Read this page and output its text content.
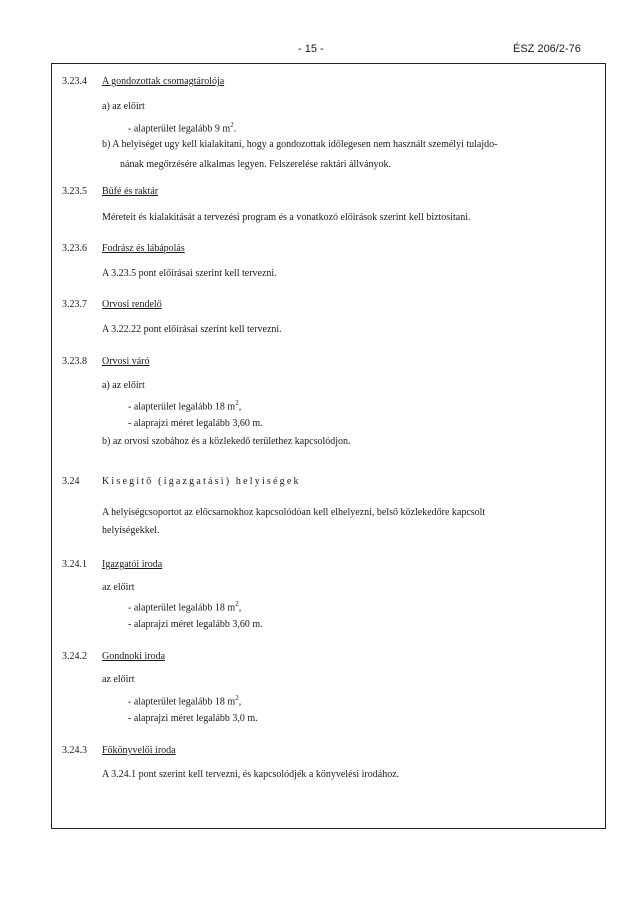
- 15 -	ÉSZ 206/2-76
3.23.4 A gondozottak csomagtárolója
a) az előírt
- alapterület legalább 9 $m^2$.
b) A helyiséget ugy kell kialakitani, hogy a gondozottak időlegesen nem használt személyi tulajdo-
nának megőrzésére alkalmas legyen. Felszerelése raktári állványok.
3.23.5 Büfé és raktár
Méreteit és kialakitását a tervezési program és a vonatkozó előirások szerint kell biztositani.
3.23.6 Fodrász és lábápolás
A 3.23.5 pont előírásai szerint kell tervezni.
3.23.7 Orvosi rendelő
A 3.22.22 pont előírásai szerint kell tervezni.
3.23.8 Orvosi váró
a) az előírt
- alapterület legalább 18 $m^2$,
- alaprajzi méret legalább 3,60 m.
b) az orvosi szobához és a közlekedő területhez kapcsolódjon.
3.24 Kisegitő (igazgatási) helyiségek
A helyiségcsoportot az előcsarnokhoz kapcsolódóan kell elhelyezni, belső közlekedőre kapcsolt
helyiségekkel.
3.24.1 Igazgatói iroda
az előirt
- alapterület legalább 18 $m^2$,
- alaprajzi méret legalább 3,60 m.
3.24.2 Gondnoki iroda
az előirt
- alapterület legalább 18 $m^2$,
- alaprajzi méret legalább 3,0 m.
3.24.3 Főkönyvelői iroda
A 3.24.1 pont szerint kell tervezni, és kapcsolódjék a könyvelési irodához.
